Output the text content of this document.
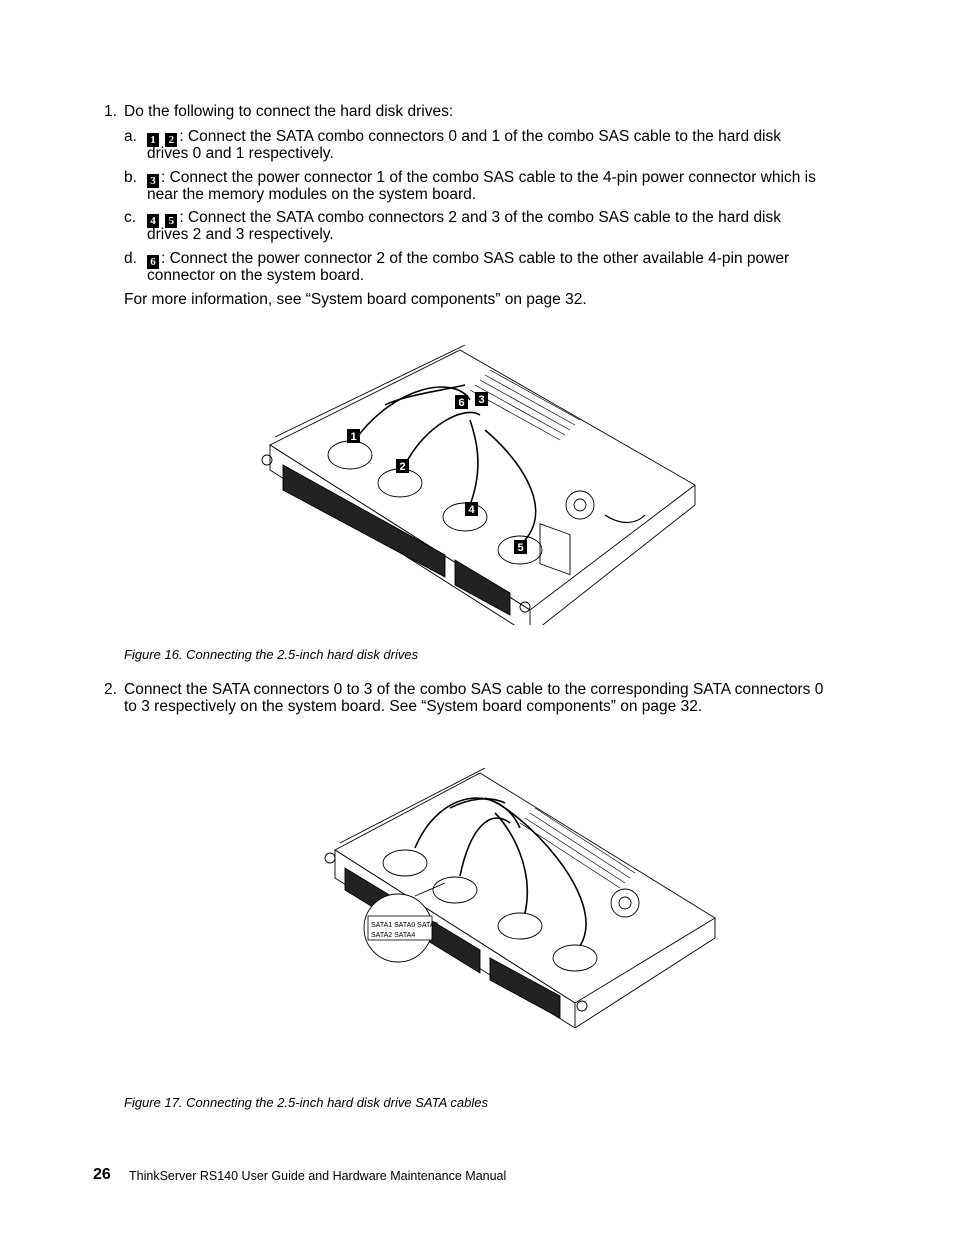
1. Do the following to connect the hard disk drives:
a. 1 2 : Connect the SATA combo connectors 0 and 1 of the combo SAS cable to the hard disk
drives 0 and 1 respectively.
b. 3 : Connect the power connector 1 of the combo SAS cable to the 4-pin power connector which is
near the memory modules on the system board.
c. 4 5 : Connect the SATA combo connectors 2 and 3 of the combo SAS cable to the hard disk
drives 2 and 3 respectively.
d. 6 : Connect the power connector 2 of the combo SAS cable to the other available 4-pin power
connector on the system board.
For more information, see “System board components” on page 32.
1
2
3
4
5
6
Figure 16. Connecting the 2.5-inch hard disk drives
2. Connect the SATA connectors 0 to 3 of the combo SAS cable to the corresponding SATA connectors 0
to 3 respectively on the system board. See “System board components” on page 32.
SATA1 SATA0 SATA3
SATA2 SATA4
Figure 17. Connecting the 2.5-inch hard disk drive SATA cables
26 ThinkServer RS140 User Guide and Hardware Maintenance Manual
